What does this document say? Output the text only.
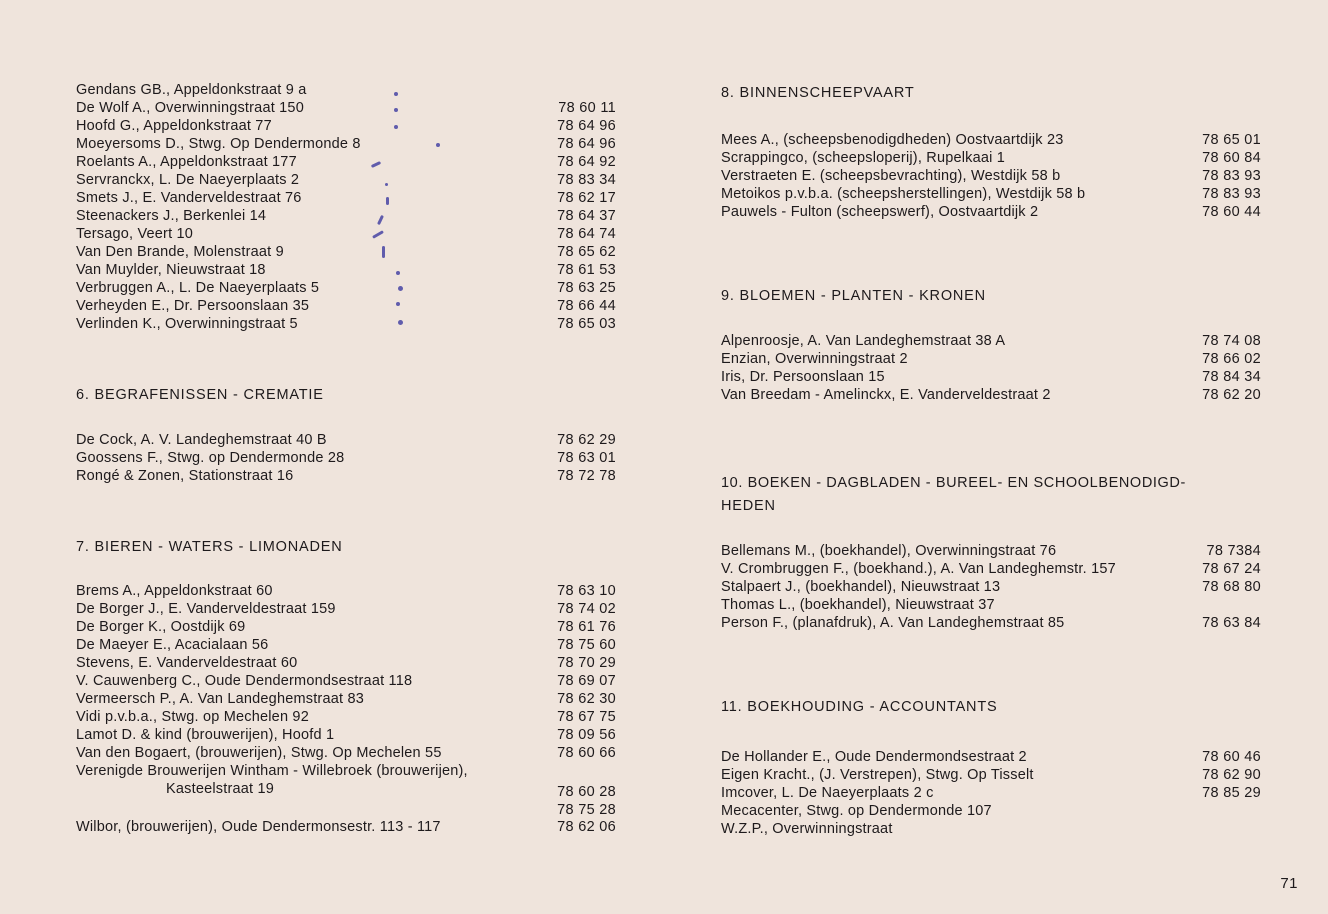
Gendans GB., Appeldonkstraat 9 a
De Wolf A., Overwinningstraat 150	78 60 11
Hoofd G., Appeldonkstraat 77	78 64 96
Moeyersoms D., Stwg. Op Dendermonde 8	78 64 96
Roelants A., Appeldonkstraat 177	78 64 92
Servranckx, L. De Naeyerplaats 2	78 83 34
Smets J., E. Vanderveldestraat 76	78 62 17
Steenackers J., Berkenlei 14	78 64 37
Tersago, Veert 10	78 64 74
Van Den Brande, Molenstraat 9	78 65 62
Van Muylder, Nieuwstraat 18	78 61 53
Verbruggen A., L. De Naeyerplaats 5	78 63 25
Verheyden E., Dr. Persoonslaan 35	78 66 44
Verlinden K., Overwinningstraat 5	78 65 03
6. BEGRAFENISSEN - CREMATIE
De Cock, A. V. Landeghemstraat 40 B	78 62 29
Goossens F., Stwg. op Dendermonde 28	78 63 01
Rongé & Zonen, Stationstraat 16	78 72 78
7. BIEREN - WATERS - LIMONADEN
Brems A., Appeldonkstraat 60	78 63 10
De Borger J., E. Vanderveldestraat 159	78 74 02
De Borger K., Oostdijk 69	78 61 76
De Maeyer E., Acacialaan 56	78 75 60
Stevens, E. Vanderveldestraat 60	78 70 29
V. Cauwenberg C., Oude Dendermondsestraat 118	78 69 07
Vermeersch P., A. Van Landeghemstraat 83	78 62 30
Vidi p.v.b.a., Stwg. op Mechelen 92	78 67 75
Lamot D. & kind (brouwerijen), Hoofd 1	78 09 56
Van den Bogaert, (brouwerijen), Stwg. Op Mechelen 55	78 60 66
Verenigde Brouwerijen Wintham - Willebroek (brouwerijen),
Kasteelstraat 19	78 60 28
78 75 28
Wilbor, (brouwerijen), Oude Dendermonsestr. 113 - 117	78 62 06
8. BINNENSCHEEPVAART
Mees A., (scheepsbenodigdheden) Oostvaartdijk 23	78 65 01
Scrappingco, (scheepsloperij), Rupelkaai 1	78 60 84
Verstraeten E. (scheepsbevrachting), Westdijk 58 b	78 83 93
Metoikos p.v.b.a. (scheepsherstellingen), Westdijk 58 b	78 83 93
Pauwels - Fulton (scheepswerf), Oostvaartdijk 2	78 60 44
9. BLOEMEN - PLANTEN - KRONEN
Alpenroosje, A. Van Landeghemstraat 38 A	78 74 08
Enzian, Overwinningstraat 2	78 66 02
Iris, Dr. Persoonslaan 15	78 84 34
Van Breedam - Amelinckx, E. Vanderveldestraat 2	78 62 20
10. BOEKEN - DAGBLADEN - BUREEL- EN SCHOOLBENODIGD-
HEDEN
Bellemans M., (boekhandel), Overwinningstraat 76	78 7384
V. Crombruggen F., (boekhand.), A. Van Landeghemstr. 157	78 67 24
Stalpaert J., (boekhandel), Nieuwstraat 13	78 68 80
Thomas L., (boekhandel), Nieuwstraat 37
Person F., (planafdruk), A. Van Landeghemstraat 85	78 63 84
11. BOEKHOUDING - ACCOUNTANTS
De Hollander E., Oude Dendermondsestraat 2	78 60 46
Eigen Kracht., (J. Verstrepen), Stwg. Op Tisselt	78 62 90
Imcover, L. De Naeyerplaats 2 c	78 85 29
Mecacenter, Stwg. op Dendermonde 107
W.Z.P., Overwinningstraat
71
